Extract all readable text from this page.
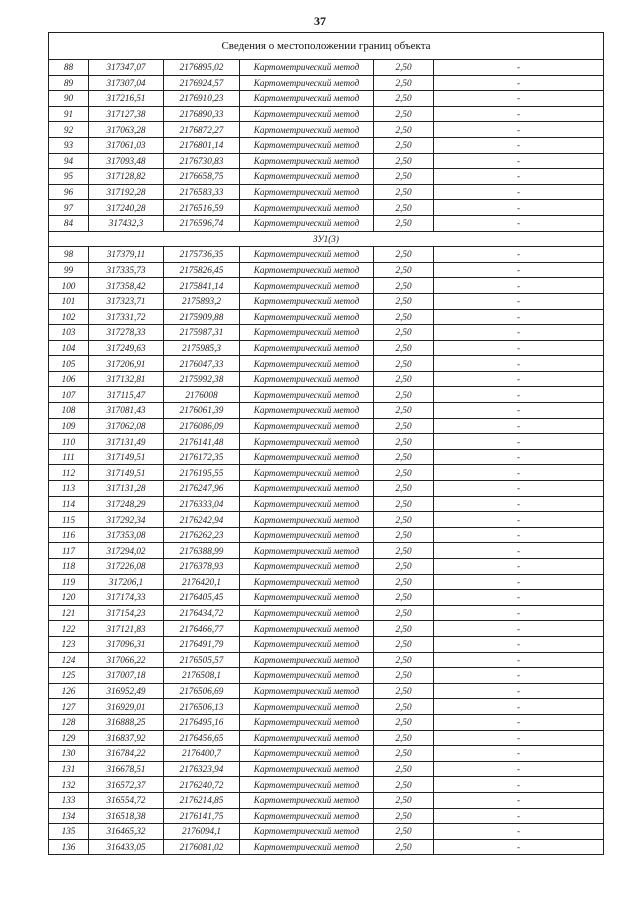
37
Сведения о местоположении границ объекта					
88	317347,07	2176895,02	Картометрический метод	2,50	-
89	317307,04	2176924,57	Картометрический метод	2,50	-
90	317216,51	2176910,23	Картометрический метод	2,50	-
91	317127,38	2176890,33	Картометрический метод	2,50	-
92	317063,28	2176872,27	Картометрический метод	2,50	-
93	317061,03	2176801,14	Картометрический метод	2,50	-
94	317093,48	2176730,83	Картометрический метод	2,50	-
95	317128,82	2176658,75	Картометрический метод	2,50	-
96	317192,28	2176583,33	Картометрический метод	2,50	-
97	317240,28	2176516,59	Картометрический метод	2,50	-
84	317432,3	2176596,74	Картометрический метод	2,50	-
ЗУ1(3)					
98	317379,11	2175736,35	Картометрический метод	2,50	-
99	317335,73	2175826,45	Картометрический метод	2,50	-
100	317358,42	2175841,14	Картометрический метод	2,50	-
101	317323,71	2175893,2	Картометрический метод	2,50	-
102	317331,72	2175909,88	Картометрический метод	2,50	-
103	317278,33	2175987,31	Картометрический метод	2,50	-
104	317249,63	2175985,3	Картометрический метод	2,50	-
105	317206,91	2176047,33	Картометрический метод	2,50	-
106	317132,81	2175992,38	Картометрический метод	2,50	-
107	317115,47	2176008	Картометрический метод	2,50	-
108	317081,43	2176061,39	Картометрический метод	2,50	-
109	317062,08	2176086,09	Картометрический метод	2,50	-
110	317131,49	2176141,48	Картометрический метод	2,50	-
111	317149,51	2176172,35	Картометрический метод	2,50	-
112	317149,51	2176195,55	Картометрический метод	2,50	-
113	317131,28	2176247,96	Картометрический метод	2,50	-
114	317248,29	2176333,04	Картометрический метод	2,50	-
115	317292,34	2176242,94	Картометрический метод	2,50	-
116	317353,08	2176262,23	Картометрический метод	2,50	-
117	317294,02	2176388,99	Картометрический метод	2,50	-
118	317226,08	2176378,93	Картометрический метод	2,50	-
119	317206,1	2176420,1	Картометрический метод	2,50	-
120	317174,33	2176405,45	Картометрический метод	2,50	-
121	317154,23	2176434,72	Картометрический метод	2,50	-
122	317121,83	2176466,77	Картометрический метод	2,50	-
123	317096,31	2176491,79	Картометрический метод	2,50	-
124	317066,22	2176505,57	Картометрический метод	2,50	-
125	317007,18	2176508,1	Картометрический метод	2,50	-
126	316952,49	2176506,69	Картометрический метод	2,50	-
127	316929,01	2176506,13	Картометрический метод	2,50	-
128	316888,25	2176495,16	Картометрический метод	2,50	-
129	316837,92	2176456,65	Картометрический метод	2,50	-
130	316784,22	2176400,7	Картометрический метод	2,50	-
131	316678,51	2176323,94	Картометрический метод	2,50	-
132	316572,37	2176240,72	Картометрический метод	2,50	-
133	316554,72	2176214,85	Картометрический метод	2,50	-
134	316518,38	2176141,75	Картометрический метод	2,50	-
135	316465,32	2176094,1	Картометрический метод	2,50	-
136	316433,05	2176081,02	Картометрический метод	2,50	-
